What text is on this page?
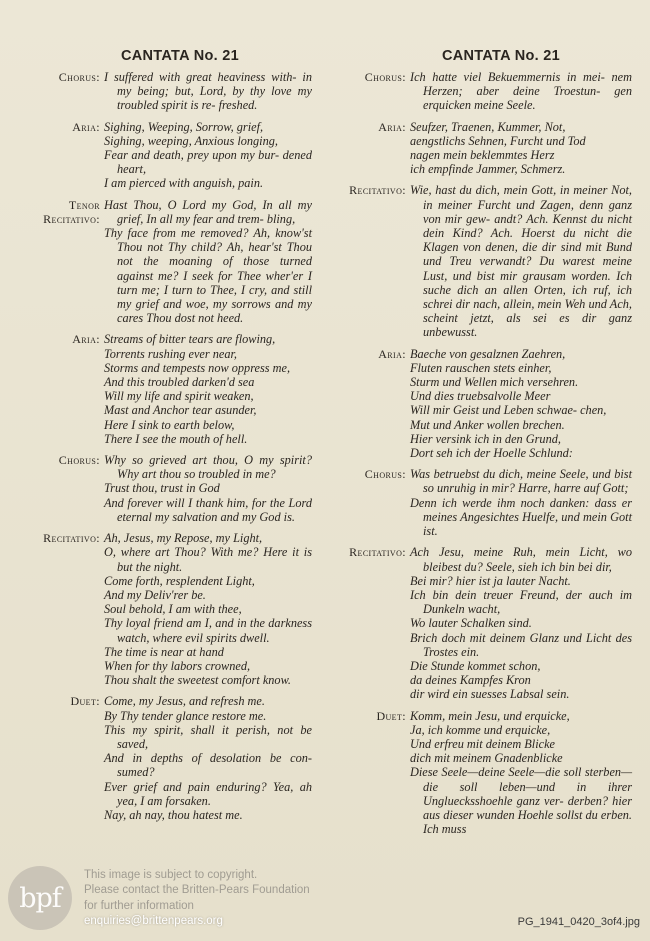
CANTATA No. 21
Chorus: I suffered with great heaviness with- in my being; but, Lord, by thy love my troubled spirit is re- freshed.
Aria: Sighing, Weeping, Sorrow, grief,
Sighing, weeping, Anxious longing,
Fear and death, prey upon my bur- dened heart,
I am pierced with anguish, pain.
Tenor
Recitativo:
Hast Thou, O Lord my God, In all my grief, In all my fear and trem- bling,
Thy face from me removed? Ah, know'st Thou not Thy child? Ah, hear'st Thou not the moaning of those turned against me? I seek for Thee wher'er I turn me; I turn to Thee, I cry, and still my grief and woe, my sorrows and my cares Thou dost not heed.
Aria: Streams of bitter tears are flowing,
Torrents rushing ever near,
Storms and tempests now oppress me,
And this troubled darken'd sea
Will my life and spirit weaken,
Mast and Anchor tear asunder,
Here I sink to earth below,
There I see the mouth of hell.
Chorus: Why so grieved art thou, O my spirit? Why art thou so troubled in me?
Trust thou, trust in God
And forever will I thank him, for the Lord eternal my salvation and my God is.
Recitativo: Ah, Jesus, my Repose, my Light,
O, where art Thou? With me? Here it is but the night.
Come forth, resplendent Light,
And my Deliv'rer be.
Soul behold, I am with thee,
Thy loyal friend am I, and in the darkness watch, where evil spirits dwell.
The time is near at hand
When for thy labors crowned,
Thou shalt the sweetest comfort know.
Duet: Come, my Jesus, and refresh me.
By Thy tender glance restore me.
This my spirit, shall it perish, not be saved,
And in depths of desolation be con- sumed?
Ever grief and pain enduring? Yea, ah yea, I am forsaken.
Nay, ah nay, thou hatest me.
CANTATA No. 21
Chorus: Ich hatte viel Bekuemmernis in mei- nem Herzen; aber deine Troestun- gen erquicken meine Seele.
Aria: Seufzer, Traenen, Kummer, Not,
aengstlichs Sehnen, Furcht und Tod
nagen mein beklemmtes Herz
ich empfinde Jammer, Schmerz.
Recitativo: Wie, hast du dich, mein Gott, in meiner Not, in meiner Furcht und Zagen, denn ganz von mir gew- andt? Ach. Kennst du nicht dein Kind? Ach. Hoerst du nicht die Klagen von denen, die dir sind mit Bund und Treu verwandt? Du warest meine Lust, und bist mir grausam worden. Ich suche dich an allen Orten, ich ruf, ich schrei dir nach, allein, mein Weh und Ach, scheint jetzt, als sei es dir ganz unbewusst.
Aria: Baeche von gesalznen Zaehren,
Fluten rauschen stets einher,
Sturm und Wellen mich versehren.
Und dies truebsalvolle Meer
Will mir Geist und Leben schwae- chen,
Mut und Anker wollen brechen.
Hier versink ich in den Grund,
Dort seh ich der Hoelle Schlund:
Chorus: Was betruebst du dich, meine Seele, und bist so unruhig in mir? Harre, harre auf Gott;
Denn ich werde ihm noch danken: dass er meines Angesichtes Huelfe, und mein Gott ist.
Recitativo: Ach Jesu, meine Ruh, mein Licht, wo bleibest du? Seele, sieh ich bin bei dir,
Bei mir? hier ist ja lauter Nacht.
Ich bin dein treuer Freund, der auch im Dunkeln wacht,
Wo lauter Schalken sind.
Brich doch mit deinem Glanz und Licht des Trostes ein.
Die Stunde kommet schon,
da deines Kampfes Kron
dir wird ein suesses Labsal sein.
Duet: Komm, mein Jesu, und erquicke,
Ja, ich komme und erquicke,
Und erfreu mit deinem Blicke
dich mit meinem Gnadenblicke
Diese Seele—deine Seele—die soll sterben—die soll leben—und in ihrer Ungluecksshoehle ganz ver- derben? hier aus dieser wunden Hoehle sollst du erben. Ich muss
bpf
This image is subject to copyright.
Please contact the Britten-Pears Foundation
for further information
enquiries@brittenpears.org	PG_1941_0420_3of4.jpg
